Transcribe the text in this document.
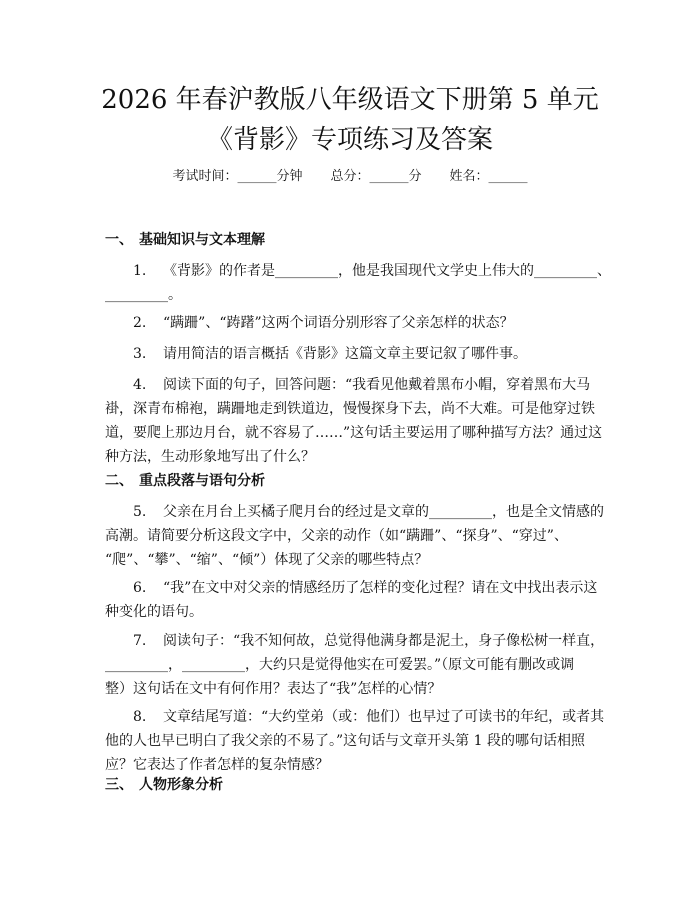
2026 年春沪教版八年级语文下册第 5 单元
《背影》专项练习及答案
考试时间：______分钟 总分：______分 姓名：______
一、 基础知识与文本理解
1. 《背影》的作者是_________，他是我国现代文学史上伟大的_________、
_________。
2. “蹒跚”、“踌躇”这两个词语分别形容了父亲怎样的状态？
3. 请用简洁的语言概括《背影》这篇文章主要记叙了哪件事。
4. 阅读下面的句子，回答问题：“我看见他戴着黑布小帽，穿着黑布大马
褂，深青布棉袍，蹒跚地走到铁道边，慢慢探身下去，尚不大难。可是他穿过铁
道，要爬上那边月台，就不容易了……”这句话主要运用了哪种描写方法？通过这
种方法，生动形象地写出了什么？
二、 重点段落与语句分析
5. 父亲在月台上买橘子爬月台的经过是文章的_________，也是全文情感的
高潮。请简要分析这段文字中，父亲的动作（如“蹒跚”、“探身”、“穿过”、
“爬”、“攀”、“缩”、“倾”）体现了父亲的哪些特点？
6. “我”在文中对父亲的情感经历了怎样的变化过程？请在文中找出表示这
种变化的语句。
7. 阅读句子：“我不知何故，总觉得他满身都是泥土，身子像松树一样直，
_________，_________，大约只是觉得他实在可爱罢。”（原文可能有删改或调
整）这句话在文中有何作用？表达了“我”怎样的心情？
8. 文章结尾写道：“大约堂弟（或：他们）也早过了可读书的年纪，或者其
他的人也早已明白了我父亲的不易了。”这句话与文章开头第 1 段的哪句话相照
应？它表达了作者怎样的复杂情感？
三、 人物形象分析
